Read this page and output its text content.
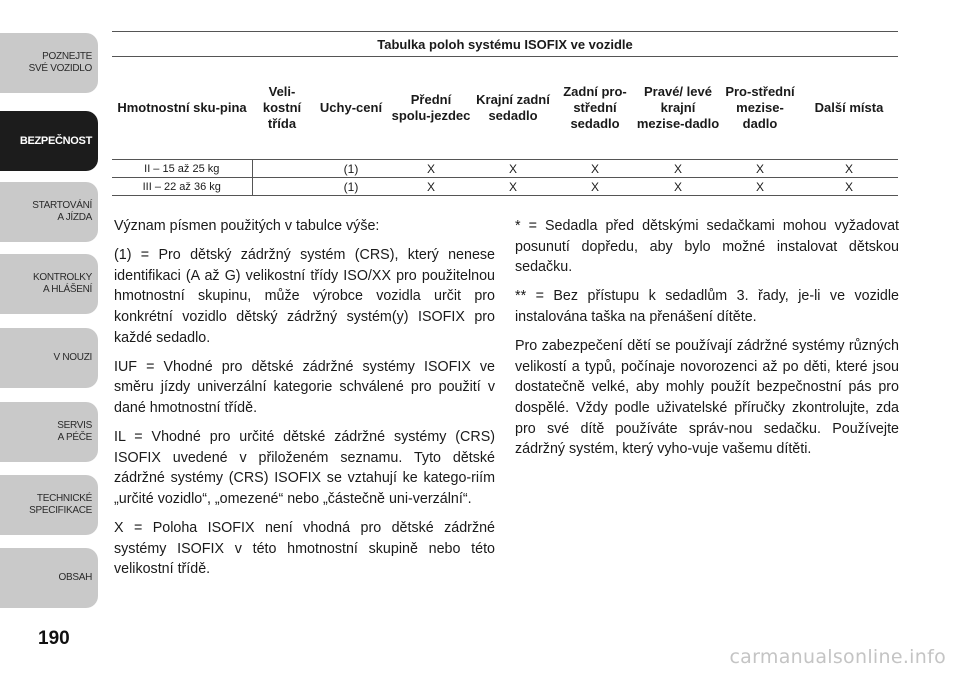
POZNEJTE
SVÉ VOZIDLO
BEZPEČNOST
STARTOVÁNÍ
A JÍZDA
KONTROLKY
A HLÁŠENÍ
V NOUZI
SERVIS
A PÉČE
TECHNICKÉ
SPECIFIKACE
OBSAH
190
Tabulka poloh systému ISOFIX ve vozidle								
Hmotnostní sku-pina	Veli-kostní třída	Uchy-cení	Přední spolu-jezdec	Krajní zadní sedadlo	Zadní pro-střední sedadlo	Pravé/ levé krajní mezise-dadlo	Pro-střední mezise-dadlo	Další místa
II – 15 až 25 kg		(1)	X	X	X	X	X	X
III – 22 až 36 kg		(1)	X	X	X	X	X	X

Význam písmen použitých v tabulce výše:

(1) = Pro dětský zádržný systém (CRS), který nenese identifikaci (A až G) velikostní třídy ISO/XX pro použitelnou hmotnostní skupinu, může výrobce vozidla určit pro konkrétní vozidlo dětský zádržný systém(y) ISOFIX pro každé sedadlo.

IUF = Vhodné pro dětské zádržné systémy ISOFIX ve směru jízdy univerzální kategorie schválené pro použití v dané hmotnostní třídě.

IL = Vhodné pro určité dětské zádržné systémy (CRS) ISOFIX uvedené v přiloženém seznamu. Tyto dětské zádržné systémy (CRS) ISOFIX se vztahují ke katego-riím „určité vozidlo“, „omezené“ nebo „částečně uni-verzální“.

X = Poloha ISOFIX není vhodná pro dětské zádržné systémy ISOFIX v této hmotnostní skupině nebo této velikostní třídě.

* = Sedadla před dětskými sedačkami mohou vyžadovat posunutí dopředu, aby bylo možné instalovat dětskou sedačku.

** = Bez přístupu k sedadlům 3. řady, je-li ve vozidle instalována taška na přenášení dítěte.

Pro zabezpečení dětí se používají zádržné systémy různých velikostí a typů, počínaje novorozenci až po děti, které jsou dostatečně velké, aby mohly použít bezpečnostní pás pro dospělé. Vždy podle uživatelské příručky zkontrolujte, zda pro své dítě používáte správ-nou sedačku. Používejte zádržný systém, který vyho-vuje vašemu dítěti.

carmanualsonline.info
